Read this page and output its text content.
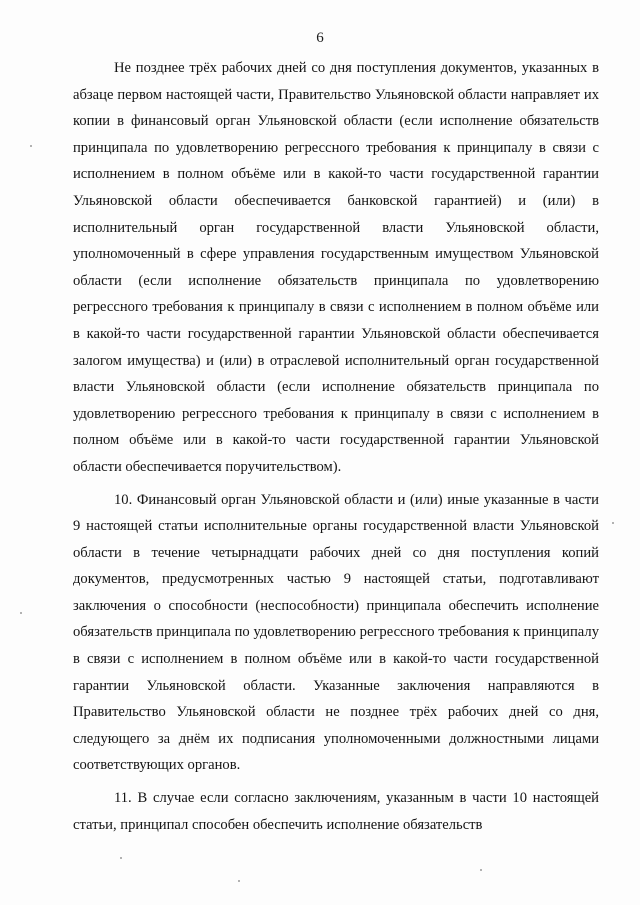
6

Не позднее трёх рабочих дней со дня поступления документов, указанных в абзаце первом настоящей части, Правительство Ульяновской области направляет их копии в финансовый орган Ульяновской области (если исполнение обязательств принципала по удовлетворению регрессного требования к принципалу в связи с исполнением в полном объёме или в какой-то части государственной гарантии Ульяновской области обеспечивается банковской гарантией) и (или) в исполнительный орган государственной власти Ульяновской области, уполномоченный в сфере управления государственным имуществом Ульяновской области (если исполнение обязательств принципала по удовлетворению регрессного требования к принципалу в связи с исполнением в полном объёме или в какой-то части государственной гарантии Ульяновской области обеспечивается залогом имущества) и (или) в отраслевой исполнительный орган государственной власти Ульяновской области (если исполнение обязательств принципала по удовлетворению регрессного требования к принципалу в связи с исполнением в полном объёме или в какой-то части государственной гарантии Ульяновской области обеспечивается поручительством).

10. Финансовый орган Ульяновской области и (или) иные указанные в части 9 настоящей статьи исполнительные органы государственной власти Ульяновской области в течение четырнадцати рабочих дней со дня поступления копий документов, предусмотренных частью 9 настоящей статьи, подготавливают заключения о способности (неспособности) принципала обеспечить исполнение обязательств принципала по удовлетворению регрессного требования к принципалу в связи с исполнением в полном объёме или в какой-то части государственной гарантии Ульяновской области. Указанные заключения направляются в Правительство Ульяновской области не позднее трёх рабочих дней со дня, следующего за днём их подписания уполномоченными должностными лицами соответствующих органов.

11. В случае если согласно заключениям, указанным в части 10 настоящей статьи, принципал способен обеспечить исполнение обязательств
